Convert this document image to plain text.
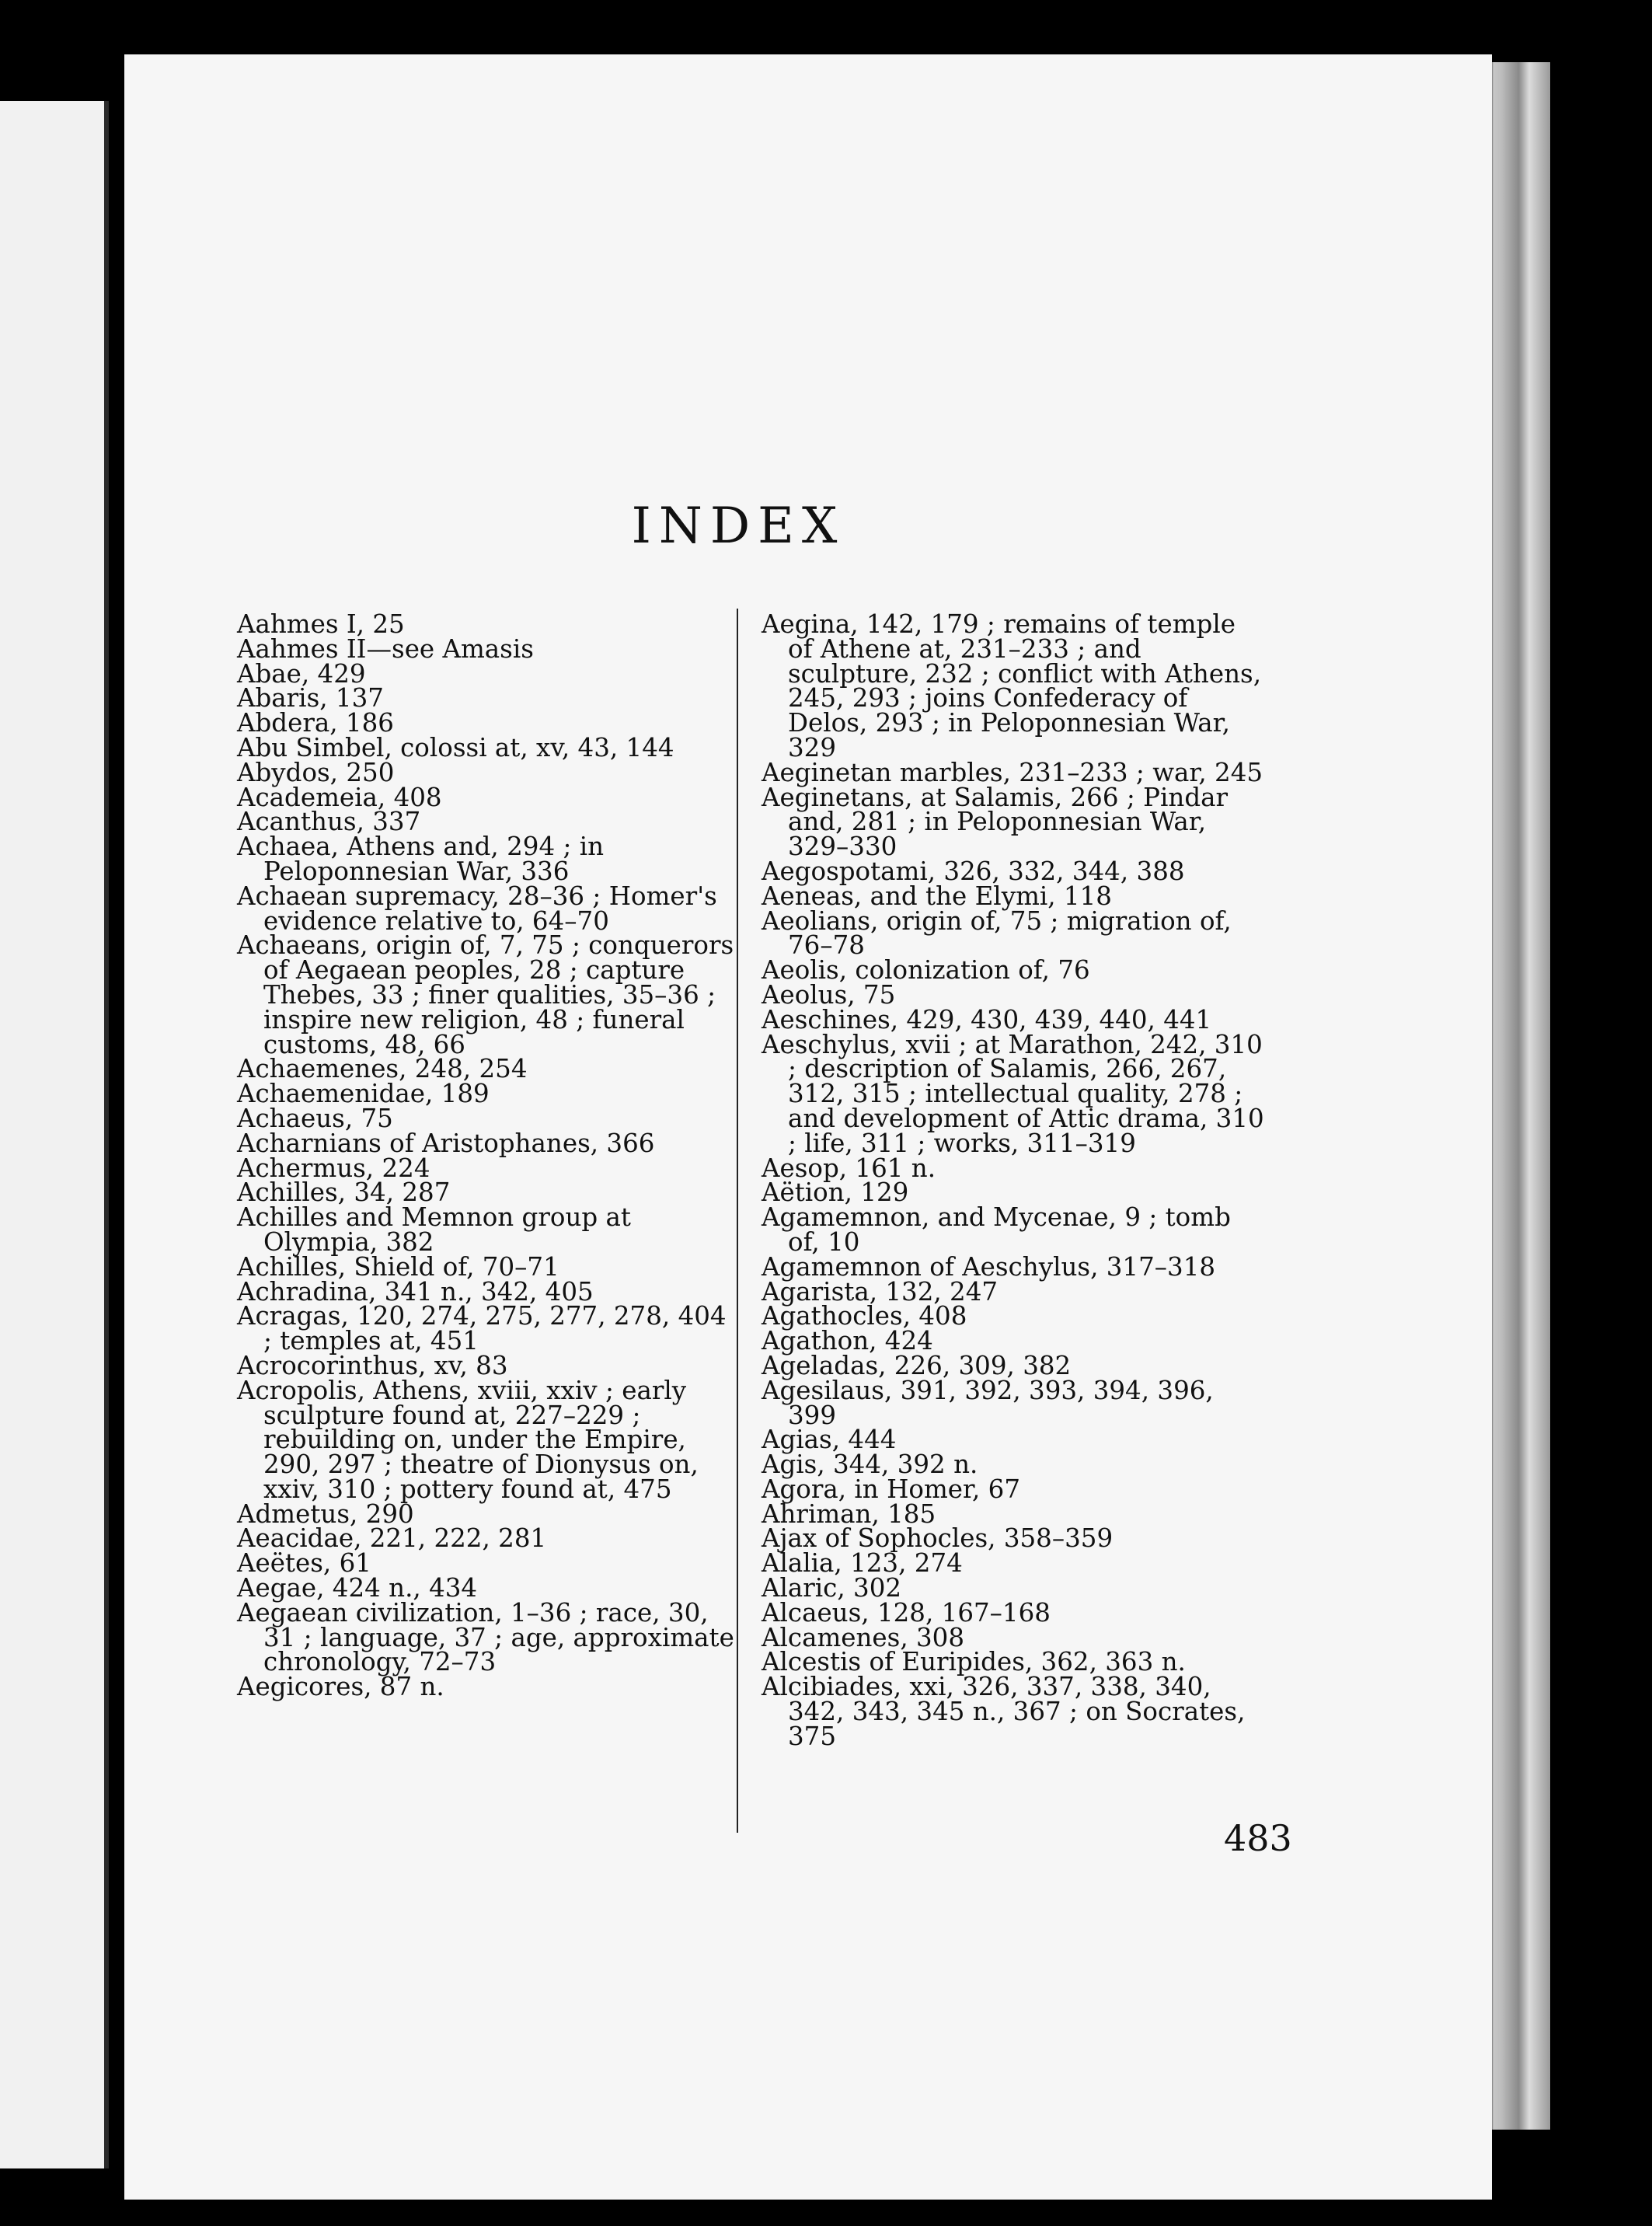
INDEX

Aahmes I, 25

Aahmes II—see Amasis

Abae, 429

Abaris, 137

Abdera, 186

Abu Simbel, colossi at, xv, 43, 144

Abydos, 250

Academeia, 408

Acanthus, 337

Achaea, Athens and, 294 ; in Peloponnesian War, 336

Achaean supremacy, 28–36 ; Homer's evidence relative to, 64–70

Achaeans, origin of, 7, 75 ; conquerors of Aegaean peoples, 28 ; capture Thebes, 33 ; finer qualities, 35–36 ; inspire new religion, 48 ; funeral customs, 48, 66

Achaemenes, 248, 254

Achaemenidae, 189

Achaeus, 75

Acharnians of Aristophanes, 366

Achermus, 224

Achilles, 34, 287

Achilles and Memnon group at Olympia, 382

Achilles, Shield of, 70–71

Achradina, 341 n., 342, 405

Acragas, 120, 274, 275, 277, 278, 404 ; temples at, 451

Acrocorinthus, xv, 83

Acropolis, Athens, xviii, xxiv ; early sculpture found at, 227–229 ; rebuilding on, under the Empire, 290, 297 ; theatre of Dionysus on, xxiv, 310 ; pottery found at, 475

Admetus, 290

Aeacidae, 221, 222, 281

Aeëtes, 61

Aegae, 424 n., 434

Aegaean civilization, 1–36 ; race, 30, 31 ; language, 37 ; age, approximate chronology, 72–73

Aegicores, 87 n.

Aegina, 142, 179 ; remains of temple of Athene at, 231–233 ; and sculpture, 232 ; conflict with Athens, 245, 293 ; joins Confederacy of Delos, 293 ; in Peloponnesian War, 329

Aeginetan marbles, 231–233 ; war, 245

Aeginetans, at Salamis, 266 ; Pindar and, 281 ; in Peloponnesian War, 329–330

Aegospotami, 326, 332, 344, 388

Aeneas, and the Elymi, 118

Aeolians, origin of, 75 ; migration of, 76–78

Aeolis, colonization of, 76

Aeolus, 75

Aeschines, 429, 430, 439, 440, 441

Aeschylus, xvii ; at Marathon, 242, 310 ; description of Salamis, 266, 267, 312, 315 ; intellectual quality, 278 ; and development of Attic drama, 310 ; life, 311 ; works, 311–319

Aesop, 161 n.

Aëtion, 129

Agamemnon, and Mycenae, 9 ; tomb of, 10

Agamemnon of Aeschylus, 317–318

Agarista, 132, 247

Agathocles, 408

Agathon, 424

Ageladas, 226, 309, 382

Agesilaus, 391, 392, 393, 394, 396, 399

Agias, 444

Agis, 344, 392 n.

Agora, in Homer, 67

Ahriman, 185

Ajax of Sophocles, 358–359

Alalia, 123, 274

Alaric, 302

Alcaeus, 128, 167–168

Alcamenes, 308

Alcestis of Euripides, 362, 363 n.

Alcibiades, xxi, 326, 337, 338, 340, 342, 343, 345 n., 367 ; on Socrates, 375

483
